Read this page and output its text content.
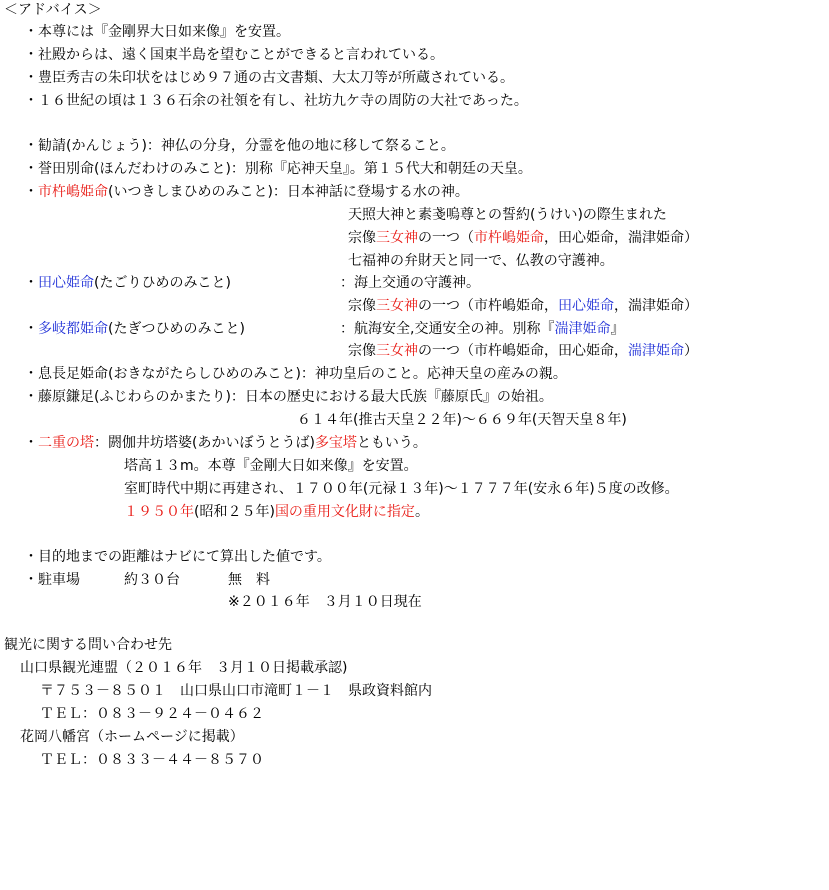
＜アドバイス＞
・本尊には『金剛界大日如来像』を安置。
・社殿からは、遠く国東半島を望むことができると言われている。
・豊臣秀吉の朱印状をはじめ９７通の古文書類、大太刀等が所蔵されている。
・１６世紀の頃は１３６石余の社領を有し、社坊九ケ寺の周防の大社であった。
・勧請(かんじょう)：神仏の分身，分霊を他の地に移して祭ること。
・誉田別命(ほんだわけのみこと)：別称『応神天皇』。第１５代大和朝廷の天皇。
・市杵嶋姫命(いつきしまひめのみこと)：日本神話に登場する水の神。
天照大神と素戔嗚尊との誓約(うけい)の際生まれた
宗像三女神の一つ（市杵嶋姫命，田心姫命，湍津姫命）
七福神の弁財天と同一で、仏教の守護神。
・田心姫命(たごりひめのみこと)	：海上交通の守護神。
宗像三女神の一つ（市杵嶋姫命，田心姫命，湍津姫命）
・多岐都姫命(たぎつひめのみこと)	：航海安全,交通安全の神。別称『湍津姫命』
宗像三女神の一つ（市杵嶋姫命，田心姫命，湍津姫命）
・息長足姫命(おきながたらしひめのみこと)：神功皇后のこと。応神天皇の産みの親。
・藤原鎌足(ふじわらのかまたり)：日本の歴史における最大氏族『藤原氏』の始祖。
６１４年(推古天皇２２年)～６６９年(天智天皇８年)
・二重の塔：閼伽井坊塔婆(あかいぼうとうば)多宝塔ともいう。
塔高１３m。本尊『金剛大日如来像』を安置。
室町時代中期に再建され、１７００年(元禄１３年)～１７７７年(安永６年)５度の改修。
１９５０年(昭和２５年)国の重用文化財に指定。
・目的地までの距離はナビにて算出した値です。
・駐車場	約３０台	無　料
※２０１６年　３月１０日現在
観光に関する問い合わせ先
山口県観光連盟（２０１６年　３月１０日掲載承認)
〒７５３－８５０１　山口県山口市滝町１－１　県政資料館内
ＴＥＬ：０８３－９２４－０４６２
花岡八幡宮（ホームページに掲載）
ＴＥＬ：０８３３－４４－８５７０
